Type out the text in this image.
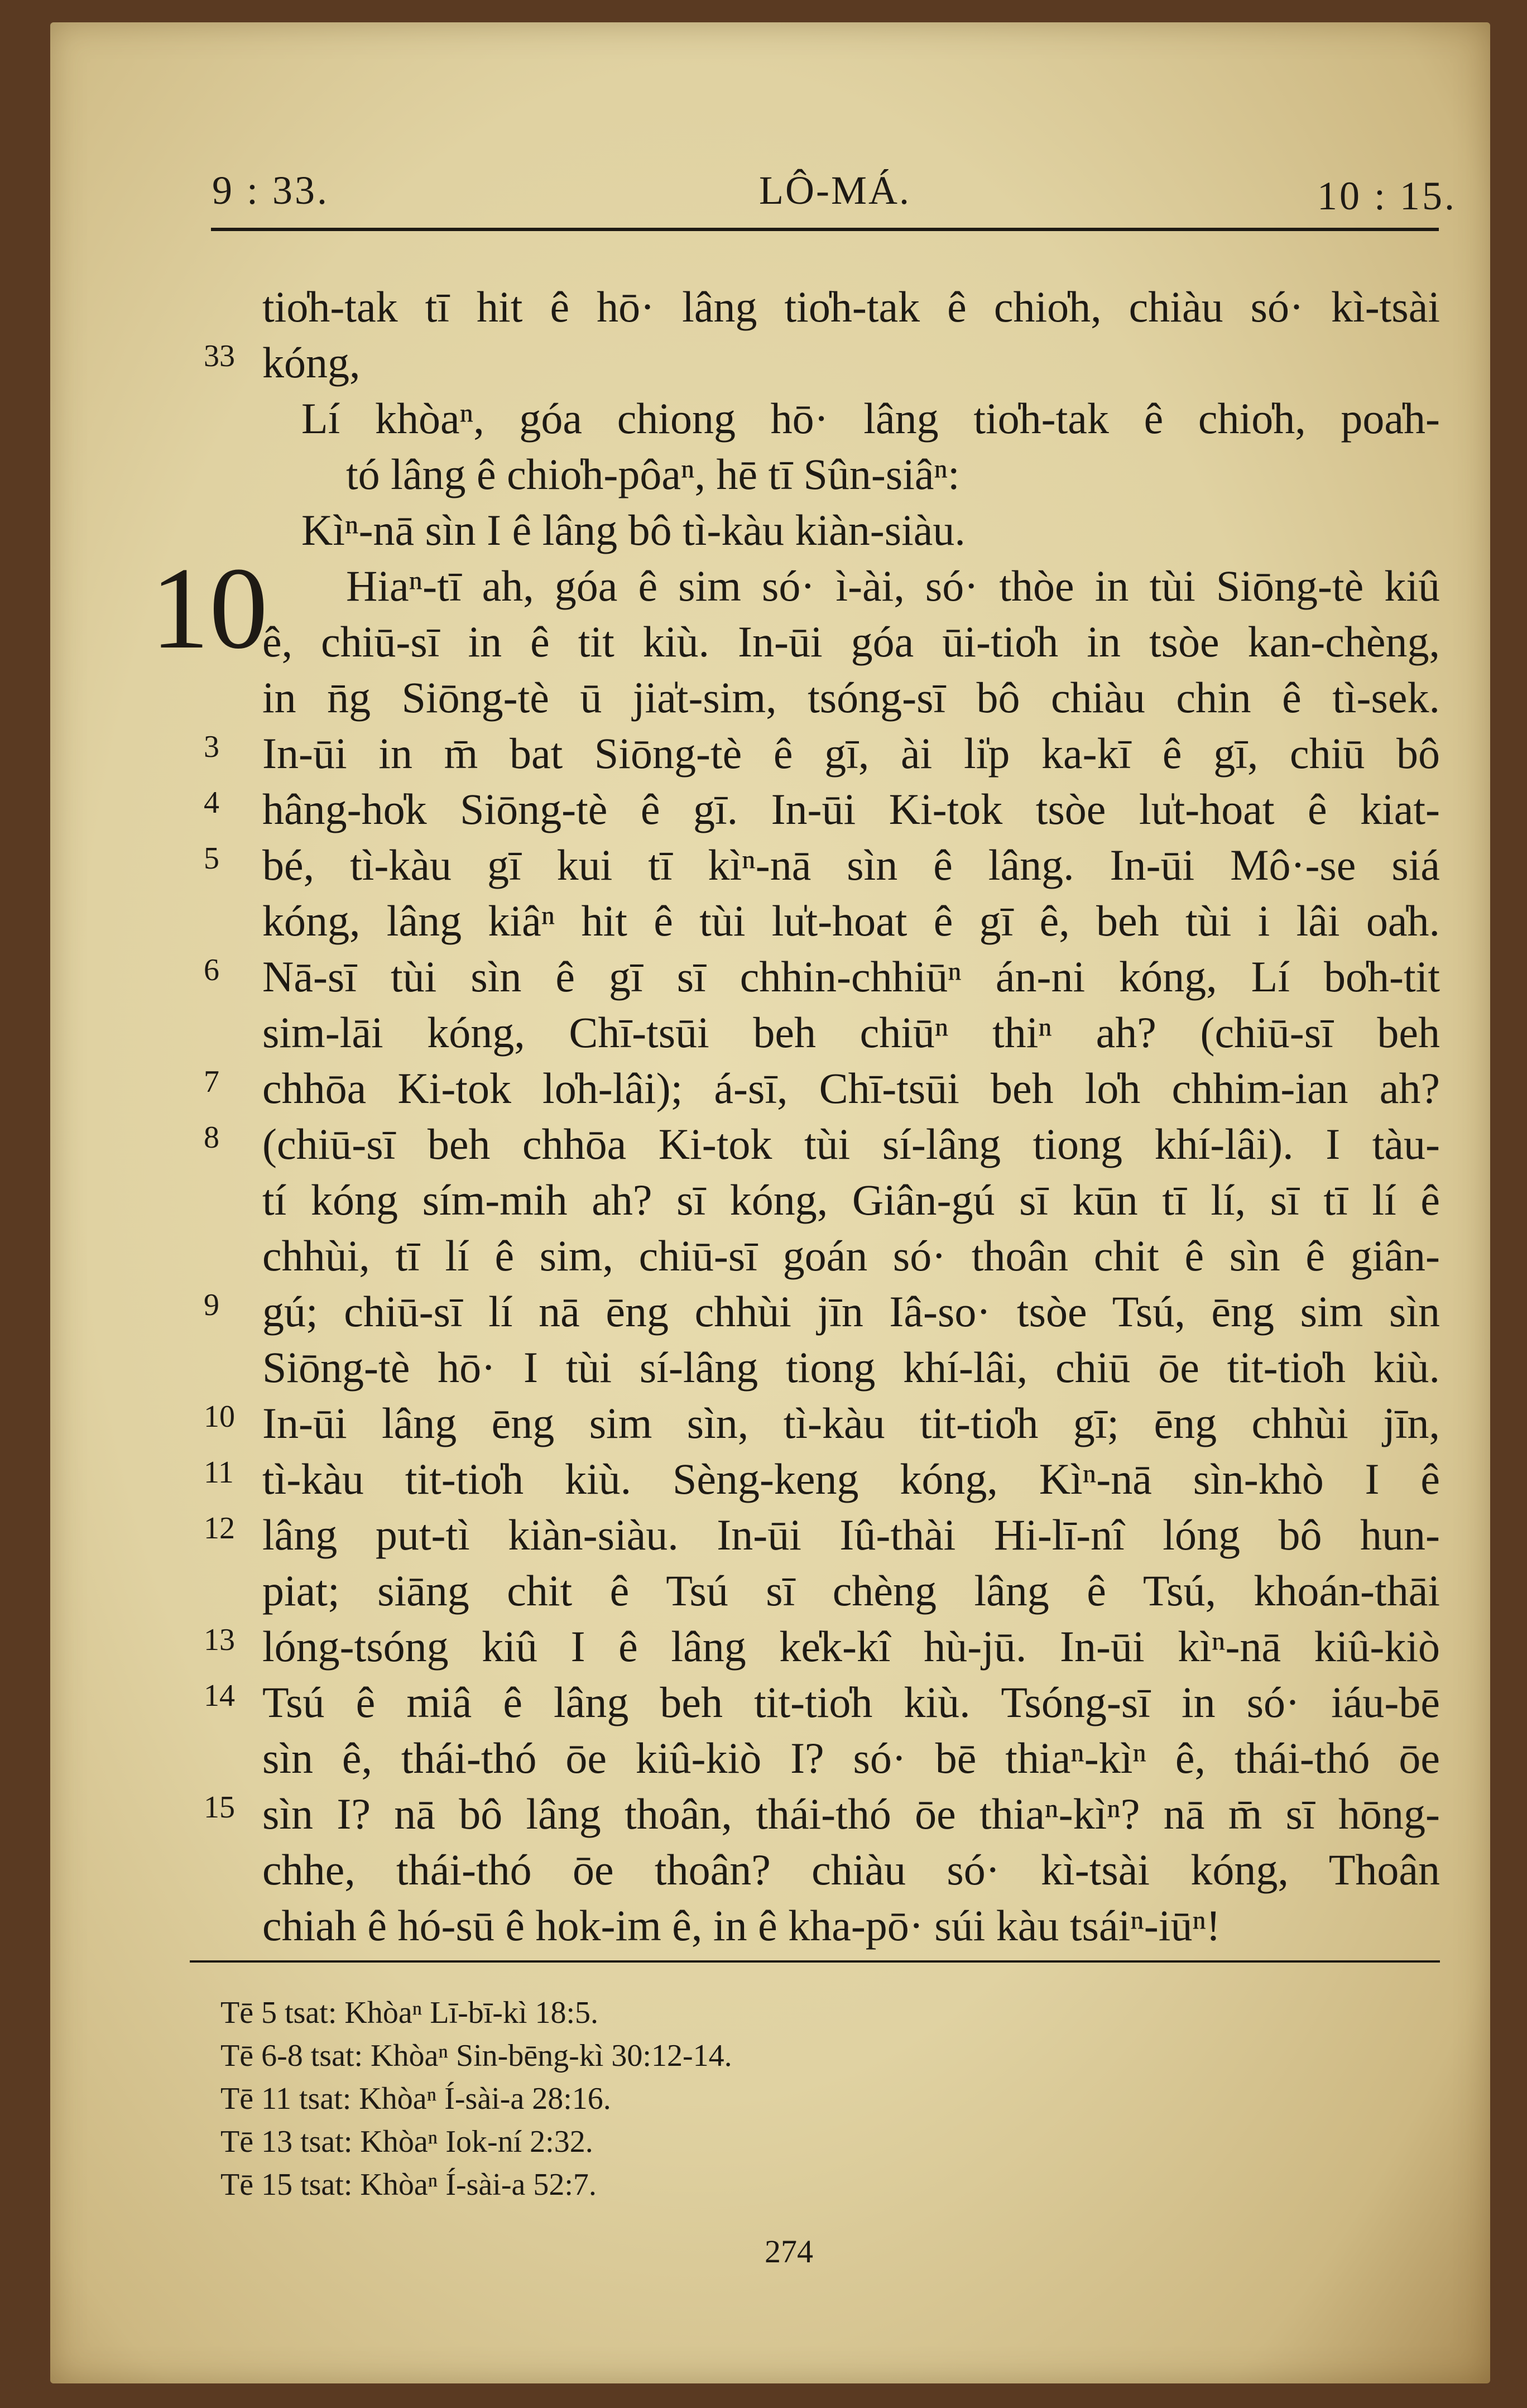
9 : 33.	LÔ-MÁ.	10 : 15.
10
tio̍h-tak tī hit ê hō· lâng tio̍h-tak ê chio̍h, chiàu só· kì-tsài
33 kóng,
Lí khòaⁿ, góa chiong hō· lâng tio̍h-tak ê chio̍h, poa̍h-
tó lâng ê chio̍h-pôaⁿ, hē tī Sûn-siâⁿ:
Kìⁿ-nā sìn I ê lâng bô tì-kàu kiàn-siàu.
Hiaⁿ-tī ah, góa ê sim só· ì-ài, só· thòe in tùi Siōng-tè kiû
ê, chiū-sī in ê tit kiù. In-ūi góa ūi-tio̍h in tsòe kan-chèng,
in n̄g Siōng-tè ū jia̍t-sim, tsóng-sī bô chiàu chin ê tì-sek.
3 In-ūi in m̄ bat Siōng-tè ê gī, ài li̍p ka-kī ê gī, chiū bô
4 hâng-ho̍k Siōng-tè ê gī. In-ūi Ki-tok tsòe lu̍t-hoat ê kiat-
5 bé, tì-kàu gī kui tī kìⁿ-nā sìn ê lâng. In-ūi Mô·-se siá
kóng, lâng kiâⁿ hit ê tùi lu̍t-hoat ê gī ê, beh tùi i lâi oa̍h.
6 Nā-sī tùi sìn ê gī sī chhin-chhiūⁿ án-ni kóng, Lí bo̍h-tit
sim-lāi kóng, Chī-tsūi beh chiūⁿ thiⁿ ah? (chiū-sī beh
7 chhōa Ki-tok lo̍h-lâi); á-sī, Chī-tsūi beh lo̍h chhim-ian ah?
8 (chiū-sī beh chhōa Ki-tok tùi sí-lâng tiong khí-lâi). I tàu-
tí kóng sím-mih ah? sī kóng, Giân-gú sī kūn tī lí, sī tī lí ê
chhùi, tī lí ê sim, chiū-sī goán só· thoân chit ê sìn ê giân-
9 gú; chiū-sī lí nā ēng chhùi jīn Iâ-so· tsòe Tsú, ēng sim sìn
Siōng-tè hō· I tùi sí-lâng tiong khí-lâi, chiū ōe tit-tio̍h kiù.
10 In-ūi lâng ēng sim sìn, tì-kàu tit-tio̍h gī; ēng chhùi jīn,
11 tì-kàu tit-tio̍h kiù. Sèng-keng kóng, Kìⁿ-nā sìn-khò I ê
12 lâng put-tì kiàn-siàu. In-ūi Iû-thài Hi-lī-nî lóng bô hun-
piat; siāng chit ê Tsú sī chèng lâng ê Tsú, khoán-thāi
13 lóng-tsóng kiû I ê lâng ke̍k-kî hù-jū. In-ūi kìⁿ-nā kiû-kiò
14 Tsú ê miâ ê lâng beh tit-tio̍h kiù. Tsóng-sī in só· iáu-bē
sìn ê, thái-thó ōe kiû-kiò I? só· bē thiaⁿ-kìⁿ ê, thái-thó ōe
15 sìn I? nā bô lâng thoân, thái-thó ōe thiaⁿ-kìⁿ? nā m̄ sī hōng-
chhe, thái-thó ōe thoân? chiàu só· kì-tsài kóng, Thoân
chiah ê hó-sū ê hok-im ê, in ê kha-pō· súi kàu tsáiⁿ-iūⁿ!
Tē 5 tsat: Khòaⁿ Lī-bī-kì 18:5.
Tē 6-8 tsat: Khòaⁿ Sin-bēng-kì 30:12-14.
Tē 11 tsat: Khòaⁿ Í-sài-a 28:16.
Tē 13 tsat: Khòaⁿ Iok-ní 2:32.
Tē 15 tsat: Khòaⁿ Í-sài-a 52:7.
274
